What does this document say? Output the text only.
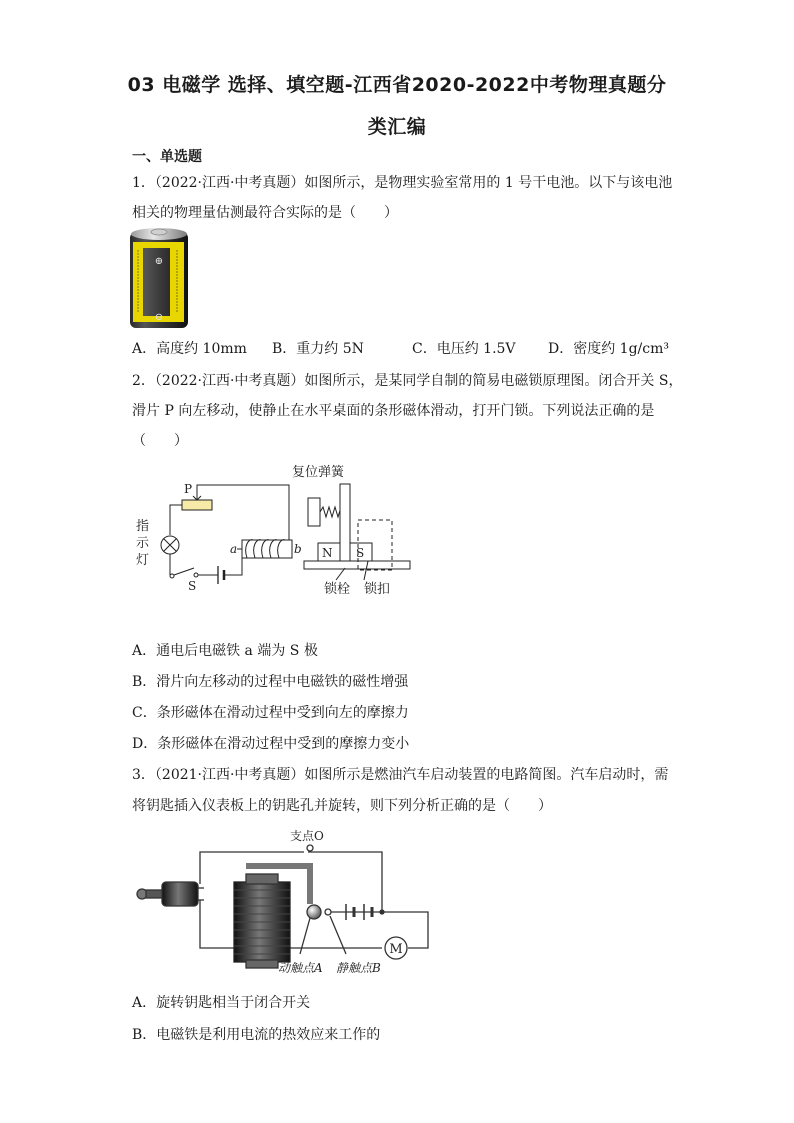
03 电磁学 选择、填空题-江西省2020-2022中考物理真题分
类汇编
一、单选题
1．（2022·江西·中考真题）如图所示，是物理实验室常用的 1 号干电池。以下与该电池
相关的物理量估测最符合实际的是（　　）
⊕
⊖
A．高度约 10mm B．重力约 5N	C．电压约 1.5V D．密度约 1g/cm³
2．（2022·江西·中考真题）如图所示，是某同学自制的简易电磁锁原理图。闭合开关 S，
滑片 P 向左移动，使静止在水平桌面的条形磁体滑动，打开门锁。下列说法正确的是
（　　）
P
指
示
灯
S
a	b
复位弹簧
N S
锁栓 锁扣
A．通电后电磁铁 a 端为 S 极
B．滑片向左移动的过程中电磁铁的磁性增强
C．条形磁体在滑动过程中受到向左的摩擦力
D．条形磁体在滑动过程中受到的摩擦力变小
3．（2021·江西·中考真题）如图所示是燃油汽车启动装置的电路简图。汽车启动时，需
将钥匙插入仪表板上的钥匙孔并旋转，则下列分析正确的是（　　）
支点O
M
动触点A 静触点B
A．旋转钥匙相当于闭合开关
B．电磁铁是利用电流的热效应来工作的
